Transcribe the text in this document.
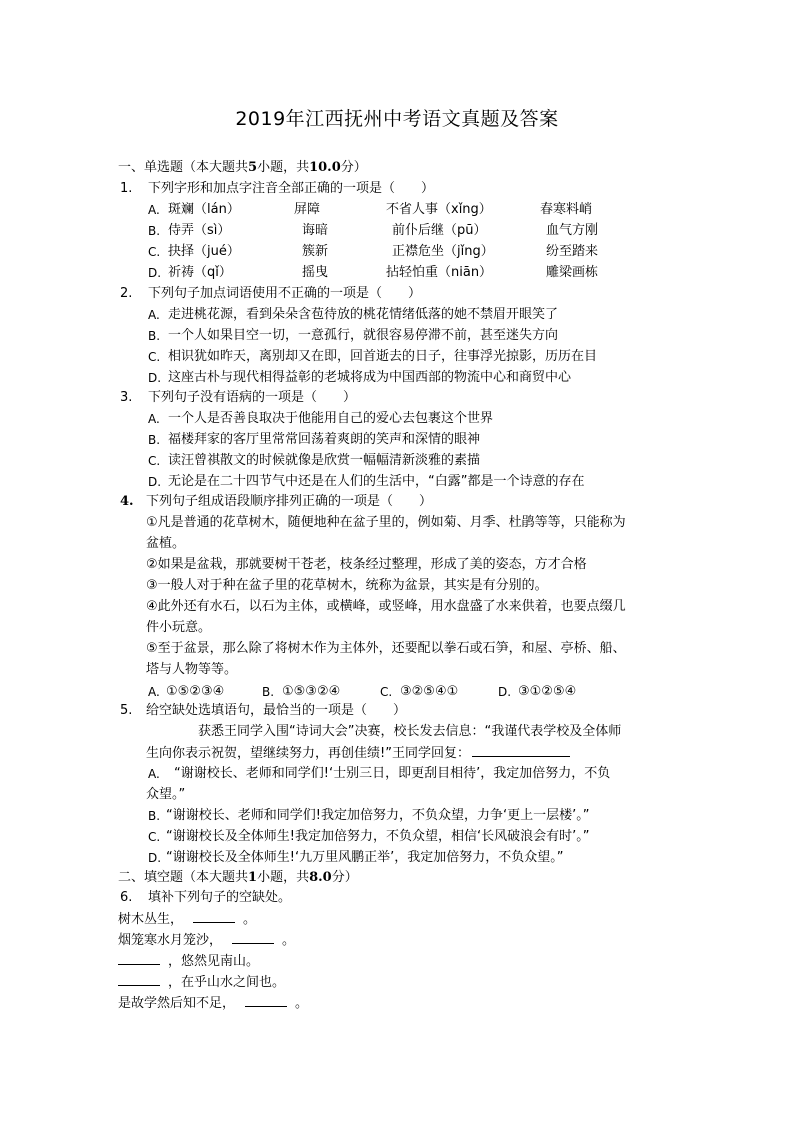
2019年江西抚州中考语文真题及答案
一、单选题（本大题共5小题，共10.0分）
1. 下列字形和加点字注音全部正确的一项是（　　）
A. 斑斓（lán）	屏障	不省人事（xǐng）	春寒料峭
B. 侍弄（sì）	诲暗	前仆后继（pū）	血气方刚
C. 抉择（jué）	簇新	正襟危坐（jǐng）	纷至踏来
D. 祈祷（qǐ）	摇曳	拈轻怕重（niān）	雕梁画栋
2. 下列句子加点词语使用不正确的一项是（　　）
A. 走进桃花源，看到朵朵含苞待放的桃花情绪低落的她不禁眉开眼笑了
B. 一个人如果目空一切，一意孤行，就很容易停滞不前，甚至迷失方向
C. 相识犹如昨天，离别却又在即，回首逝去的日子，往事浮光掠影，历历在目
D. 这座古朴与现代相得益彰的老城将成为中国西部的物流中心和商贸中心
3. 下列句子没有语病的一项是（　　）
A. 一个人是否善良取决于他能用自己的爱心去包裹这个世界
B. 福楼拜家的客厅里常常回荡着爽朗的笑声和深情的眼神
C. 读汪曾祺散文的时候就像是欣赏一幅幅清新淡雅的素描
D. 无论是在二十四节气中还是在人们的生活中，“白露”都是一个诗意的存在
4. 下列句子组成语段顺序排列正确的一项是（　　）
①凡是普通的花草树木，随便地种在盆子里的，例如菊、月季、杜鹃等等，只能称为
盆植。
②如果是盆栽，那就要树干苍老，枝条经过整理，形成了美的姿态，方才合格
③一般人对于种在盆子里的花草树木，统称为盆景，其实是有分别的。
④此外还有水石，以石为主体，或横峰，或竖峰，用水盘盛了水来供着，也要点缀几
件小玩意。
⑤至于盆景，那么除了将树木作为主体外，还要配以拳石或石笋，和屋、亭桥、船、
塔与人物等等。
A. ①⑤②③④	B. ①⑤③②④	C. ③②⑤④①	D. ③①②⑤④
5. 给空缺处选填语句，最恰当的一项是（　　）
获悉王同学入围“诗词大会”决赛，校长发去信息：“我谨代表学校及全体师
生向你表示祝贺，望继续努力，再创佳绩!”王同学回复：
A. “谢谢校长、老师和同学们!‘士别三日，即更刮目相待’，我定加倍努力，不负
众望。”
B. “谢谢校长、老师和同学们!我定加倍努力，不负众望，力争‘更上一层楼’。”
C. “谢谢校长及全体师生!我定加倍努力，不负众望，相信‘长风破浪会有时’。”
D. “谢谢校长及全体师生!‘九万里风鹏正举’，我定加倍努力，不负众望。”
二、填空题（本大题共1小题，共8.0分）
6. 填补下列句子的空缺处。
树木丛生，	。
烟笼寒水月笼沙，	。
，悠然见南山。
，在乎山水之间也。
是故学然后知不足，	。
